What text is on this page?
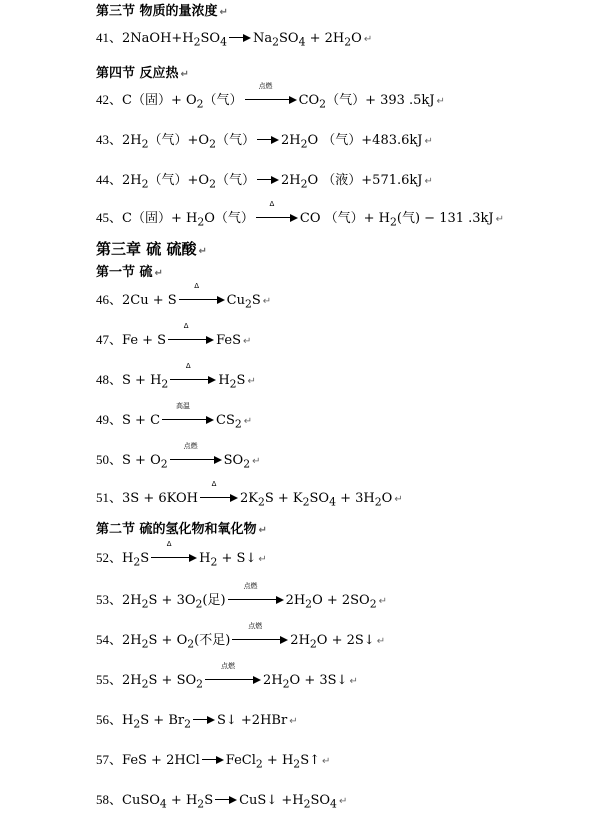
第三节 物质的量浓度 ↵
第四节 反应热 ↵
第三章 硫 硫酸 ↵
第一节 硫 ↵
第二节 硫的氢化物和氧化物 ↵
41、$2NaOH+H_2SO_4$ $Na_2SO_4 + 2H_2O$ ↵
42、C（固）+ $O_2$（气）
点燃
$CO_2$（气）+ 393 .5kJ ↵
43、$2H_2$（气）$+O_2$（气） $2H_2O$ （气）+483.6kJ ↵
44、$2H_2$（气）$+O_2$（气） $2H_2O$ （液）+571.6kJ ↵
45、C（固）+ $H_2O$（气）
Δ
CO （气）+ $H_2$(气) − 131 .3kJ ↵
46、2Cu + S
Δ
$Cu_2S$ ↵
47、Fe + S
Δ
FeS ↵
48、$S + H_2$
Δ
$H_2S$ ↵
49、S + C
高温
$CS_2$ ↵
50、$S + O_2$
点燃
$SO_2$ ↵
51、3S + 6KOH
Δ
$2K_2S + K_2SO_4 + 3H_2O$ ↵
52、$H_2S$
Δ
$H_2$ + S↓ ↵
53、$2H_2S + 3O_2$(足)
点燃
$2H_2O + 2SO_2$ ↵
54、$2H_2S + O_2$(不足)
点燃
$2H_2O$ + 2S↓ ↵
55、$2H_2S + SO_2$
点燃
$2H_2O$ + 3S↓ ↵
56、$H_2S + Br_2$ S↓ +2HBr ↵
57、FeS + 2HCl FeCl$_2$ + $H_2S↑$ ↵
58、CuSO$_4$ + $H_2S$ CuS↓ $+H_2SO_4$ ↵
